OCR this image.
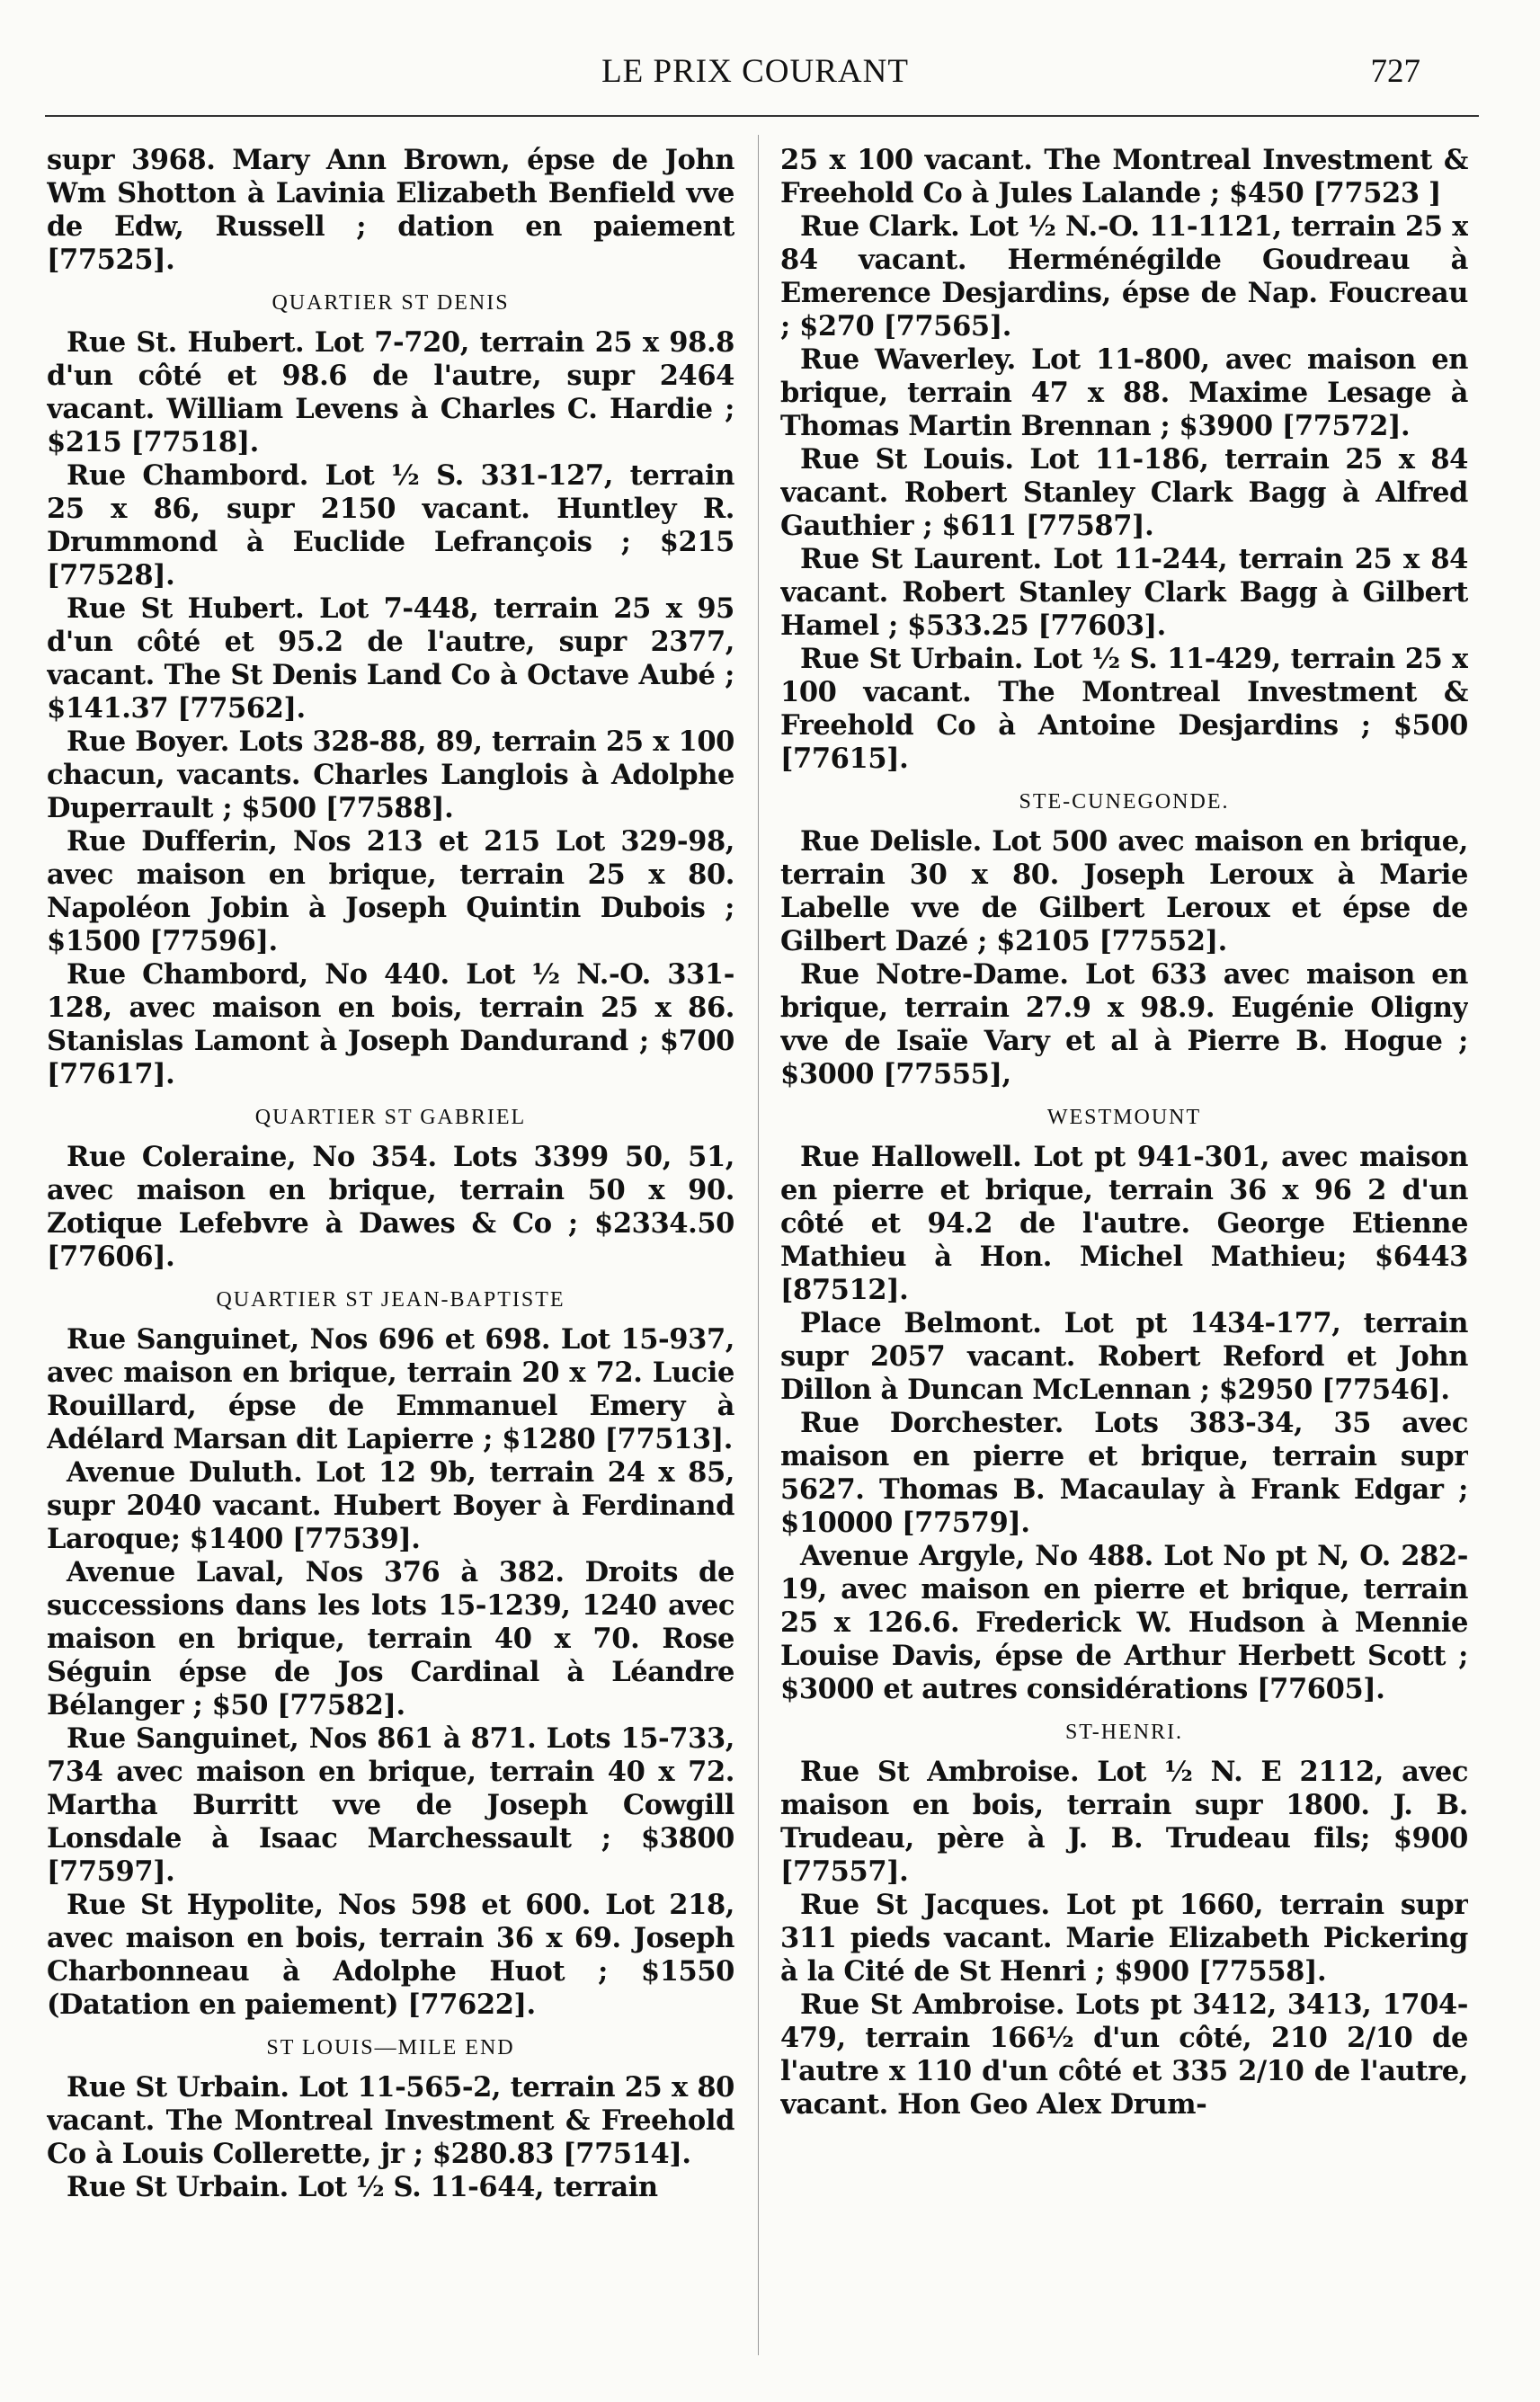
LE PRIX COURANT	727

supr 3968. Mary Ann Brown, épse de John Wm Shotton à Lavinia Elizabeth Benfield vve de Edw, Russell ; dation en paiement [77525].

QUARTIER ST DENIS

Rue St. Hubert. Lot 7-720, terrain 25 x 98.8 d'un côté et 98.6 de l'autre, supr 2464 vacant. William Levens à Charles C. Hardie ; $215 [77518].

Rue Chambord. Lot ½ S. 331-127, terrain 25 x 86, supr 2150 vacant. Huntley R. Drummond à Euclide Lefrançois ; $215 [77528].

Rue St Hubert. Lot 7-448, terrain 25 x 95 d'un côté et 95.2 de l'autre, supr 2377, vacant. The St Denis Land Co à Octave Aubé ; $141.37 [77562].

Rue Boyer. Lots 328-88, 89, terrain 25 x 100 chacun, vacants. Charles Langlois à Adolphe Duperrault ; $500 [77588].

Rue Dufferin, Nos 213 et 215 Lot 329-98, avec maison en brique, terrain 25 x 80. Napoléon Jobin à Joseph Quintin Dubois ; $1500 [77596].

Rue Chambord, No 440. Lot ½ N.-O. 331-128, avec maison en bois, terrain 25 x 86. Stanislas Lamont à Joseph Dandurand ; $700 [77617].

QUARTIER ST GABRIEL

Rue Coleraine, No 354. Lots 3399 50, 51, avec maison en brique, terrain 50 x 90. Zotique Lefebvre à Dawes & Co ; $2334.50 [77606].

QUARTIER ST JEAN-BAPTISTE

Rue Sanguinet, Nos 696 et 698. Lot 15-937, avec maison en brique, terrain 20 x 72. Lucie Rouillard, épse de Emmanuel Emery à Adélard Marsan dit Lapierre ; $1280 [77513].

Avenue Duluth. Lot 12 9b, terrain 24 x 85, supr 2040 vacant. Hubert Boyer à Ferdinand Laroque; $1400 [77539].

Avenue Laval, Nos 376 à 382. Droits de successions dans les lots 15-1239, 1240 avec maison en brique, terrain 40 x 70. Rose Séguin épse de Jos Cardinal à Léandre Bélanger ; $50 [77582].

Rue Sanguinet, Nos 861 à 871. Lots 15-733, 734 avec maison en brique, terrain 40 x 72. Martha Burritt vve de Joseph Cowgill Lonsdale à Isaac Marchessault ; $3800 [77597].

Rue St Hypolite, Nos 598 et 600. Lot 218, avec maison en bois, terrain 36 x 69. Joseph Charbonneau à Adolphe Huot ; $1550 (Datation en paiement) [77622].

ST LOUIS—MILE END

Rue St Urbain. Lot 11-565-2, terrain 25 x 80 vacant. The Montreal Investment & Freehold Co à Louis Collerette, jr ; $280.83 [77514].

Rue St Urbain. Lot ½ S. 11-644, terrain

25 x 100 vacant. The Montreal Investment & Freehold Co à Jules Lalande ; $450 [77523 ]

Rue Clark. Lot ½ N.-O. 11-1121, terrain 25 x 84 vacant. Herménégilde Goudreau à Emerence Desjardins, épse de Nap. Foucreau ; $270 [77565].

Rue Waverley. Lot 11-800, avec maison en brique, terrain 47 x 88. Maxime Lesage à Thomas Martin Brennan ; $3900 [77572].

Rue St Louis. Lot 11-186, terrain 25 x 84 vacant. Robert Stanley Clark Bagg à Alfred Gauthier ; $611 [77587].

Rue St Laurent. Lot 11-244, terrain 25 x 84 vacant. Robert Stanley Clark Bagg à Gilbert Hamel ; $533.25 [77603].

Rue St Urbain. Lot ½ S. 11-429, terrain 25 x 100 vacant. The Montreal Investment & Freehold Co à Antoine Desjardins ; $500 [77615].

STE-CUNEGONDE.

Rue Delisle. Lot 500 avec maison en brique, terrain 30 x 80. Joseph Leroux à Marie Labelle vve de Gilbert Leroux et épse de Gilbert Dazé ; $2105 [77552].

Rue Notre-Dame. Lot 633 avec maison en brique, terrain 27.9 x 98.9. Eugénie Oligny vve de Isaïe Vary et al à Pierre B. Hogue ; $3000 [77555],

WESTMOUNT

Rue Hallowell. Lot pt 941-301, avec maison en pierre et brique, terrain 36 x 96 2 d'un côté et 94.2 de l'autre. George Etienne Mathieu à Hon. Michel Mathieu; $6443 [87512].

Place Belmont. Lot pt 1434-177, terrain supr 2057 vacant. Robert Reford et John Dillon à Duncan McLennan ; $2950 [77546].

Rue Dorchester. Lots 383-34, 35 avec maison en pierre et brique, terrain supr 5627. Thomas B. Macaulay à Frank Edgar ; $10000 [77579].

Avenue Argyle, No 488. Lot No pt N, O. 282-19, avec maison en pierre et brique, terrain 25 x 126.6. Frederick W. Hudson à Mennie Louise Davis, épse de Arthur Herbett Scott ; $3000 et autres considérations [77605].

ST-HENRI.

Rue St Ambroise. Lot ½ N. E 2112, avec maison en bois, terrain supr 1800. J. B. Trudeau, père à J. B. Trudeau fils; $900 [77557].

Rue St Jacques. Lot pt 1660, terrain supr 311 pieds vacant. Marie Elizabeth Pickering à la Cité de St Henri ; $900 [77558].

Rue St Ambroise. Lots pt 3412, 3413, 1704-479, terrain 166½ d'un côté, 210 2/10 de l'autre x 110 d'un côté et 335 2/10 de l'autre, vacant. Hon Geo Alex Drum-
